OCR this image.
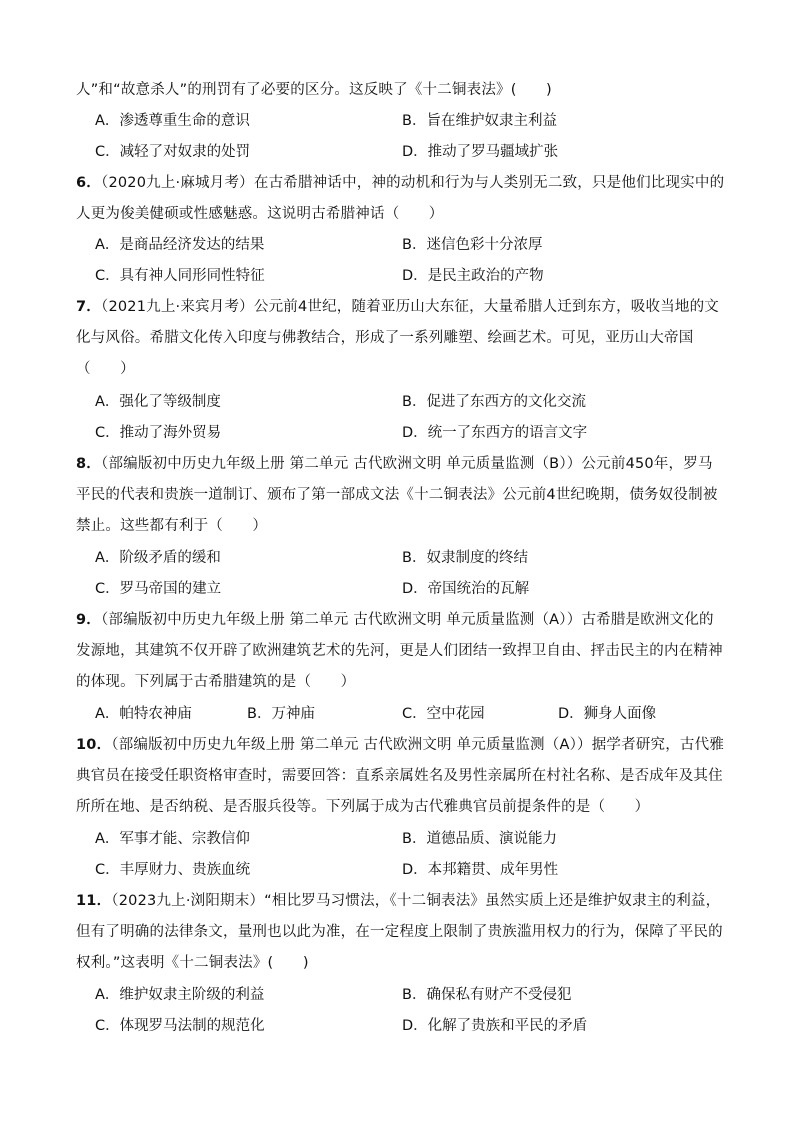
人”和“故意杀人”的刑罚有了必要的区分。这反映了《十二铜表法》(　　)
A．渗透尊重生命的意识	B．旨在维护奴隶主利益
C．减轻了对奴隶的处罚	D．推动了罗马疆域扩张
6．（2020九上·麻城月考）在古希腊神话中，神的动机和行为与人类别无二致，只是他们比现实中的人更为俊美健硕或性感魅惑。这说明古希腊神话（　　）
A．是商品经济发达的结果	B．迷信色彩十分浓厚
C．具有神人同形同性特征	D．是民主政治的产物
7．（2021九上·来宾月考）公元前4世纪，随着亚历山大东征，大量希腊人迁到东方，吸收当地的文化与风俗。希腊文化传入印度与佛教结合，形成了一系列雕塑、绘画艺术。可见，亚历山大帝国（　　）
A．强化了等级制度	B．促进了东西方的文化交流
C．推动了海外贸易	D．统一了东西方的语言文字
8．（部编版初中历史九年级上册 第二单元 古代欧洲文明 单元质量监测（B））公元前450年，罗马平民的代表和贵族一道制订、颁布了第一部成文法《十二铜表法》公元前4世纪晚期，债务奴役制被禁止。这些都有利于（　　）
A．阶级矛盾的缓和	B．奴隶制度的终结
C．罗马帝国的建立	D．帝国统治的瓦解
9．（部编版初中历史九年级上册 第二单元 古代欧洲文明 单元质量监测（A））古希腊是欧洲文化的发源地，其建筑不仅开辟了欧洲建筑艺术的先河，更是人们团结一致捍卫自由、抨击民主的内在精神的体现。下列属于古希腊建筑的是（　　）
A．帕特农神庙	B．万神庙	C．空中花园	D．狮身人面像
10．（部编版初中历史九年级上册 第二单元 古代欧洲文明 单元质量监测（A））据学者研究，古代雅典官员在接受任职资格审查时，需要回答：直系亲属姓名及男性亲属所在村社名称、是否成年及其住所所在地、是否纳税、是否服兵役等。下列属于成为古代雅典官员前提条件的是（　　）
A．军事才能、宗教信仰	B．道德品质、演说能力
C．丰厚财力、贵族血统	D．本邦籍贯、成年男性
11．（2023九上·浏阳期末）“相比罗马习惯法，《十二铜表法》虽然实质上还是维护奴隶主的利益，但有了明确的法律条文，量刑也以此为准，在一定程度上限制了贵族滥用权力的行为，保障了平民的权利。”这表明《十二铜表法》(　　)
A．维护奴隶主阶级的利益	B．确保私有财产不受侵犯
C．体现罗马法制的规范化	D．化解了贵族和平民的矛盾
